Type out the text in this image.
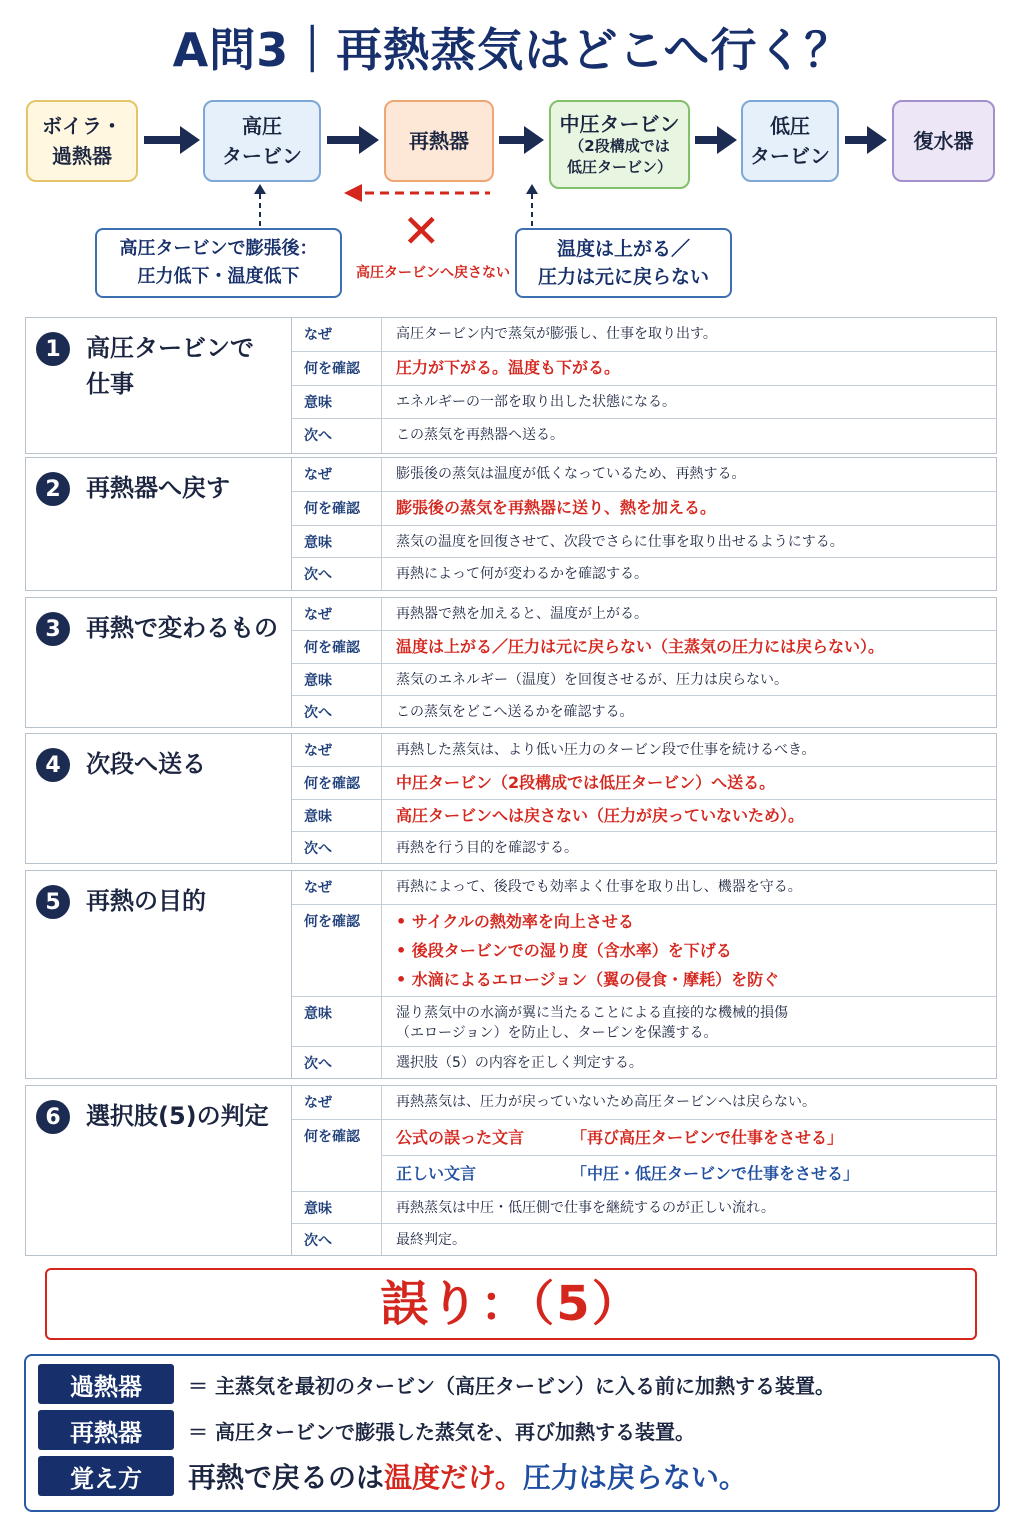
A問3｜再熱蒸気はどこへ行く？
ボイラ・
過熱器
高圧
タービン
再熱器
中圧タービン
（2段構成では
低圧タービン）
低圧
タービン
復水器
高圧タービンで膨張後：
圧力低下・温度低下
✕
高圧タービンへ戻さない
温度は上がる／
圧力は元に戻らない
1	高圧タービンで
仕事
なぜ	高圧タービン内で蒸気が膨張し、仕事を取り出す。
何を確認	圧力が下がる。温度も下がる。
意味	エネルギーの一部を取り出した状態になる。
次へ	この蒸気を再熱器へ送る。
2	再熱器へ戻す	なぜ	膨張後の蒸気は温度が低くなっているため、再熱する。
何を確認	膨張後の蒸気を再熱器に送り、熱を加える。
意味	蒸気の温度を回復させて、次段でさらに仕事を取り出せるようにする。
次へ	再熱によって何が変わるかを確認する。
3	再熱で変わるもの	なぜ	再熱器で熱を加えると、温度が上がる。
何を確認	温度は上がる／圧力は元に戻らない（主蒸気の圧力には戻らない）。
意味	蒸気のエネルギー（温度）を回復させるが、圧力は戻らない。
次へ	この蒸気をどこへ送るかを確認する。
4	次段へ送る	なぜ	再熱した蒸気は、より低い圧力のタービン段で仕事を続けるべき。
何を確認	中圧タービン（2段構成では低圧タービン）へ送る。
意味	高圧タービンへは戻さない（圧力が戻っていないため）。
次へ	再熱を行う目的を確認する。
5	再熱の目的	なぜ	再熱によって、後段でも効率よく仕事を取り出し、機器を守る。
何を確認	• サイクルの熱効率を向上させる
• 後段タービンでの湿り度（含水率）を下げる
• 水滴によるエロージョン（翼の侵食・摩耗）を防ぐ
意味	湿り蒸気中の水滴が翼に当たることによる直接的な機械的損傷
（エロージョン）を防止し、タービンを保護する。
次へ	選択肢（5）の内容を正しく判定する。
6	選択肢(5)の判定	なぜ	再熱蒸気は、圧力が戻っていないため高圧タービンへは戻らない。
何を確認	公式の誤った文言	「再び高圧タービンで仕事をさせる」
正しい文言	「中圧・低圧タービンで仕事をさせる」
意味	再熱蒸気は中圧・低圧側で仕事を継続するのが正しい流れ。
次へ	最終判定。
誤り：（5）
過熱器	＝ 主蒸気を最初のタービン（高圧タービン）に入る前に加熱する装置。
再熱器	＝ 高圧タービンで膨張した蒸気を、再び加熱する装置。
覚え方	再熱で戻るのは温度だけ。圧力は戻らない。
